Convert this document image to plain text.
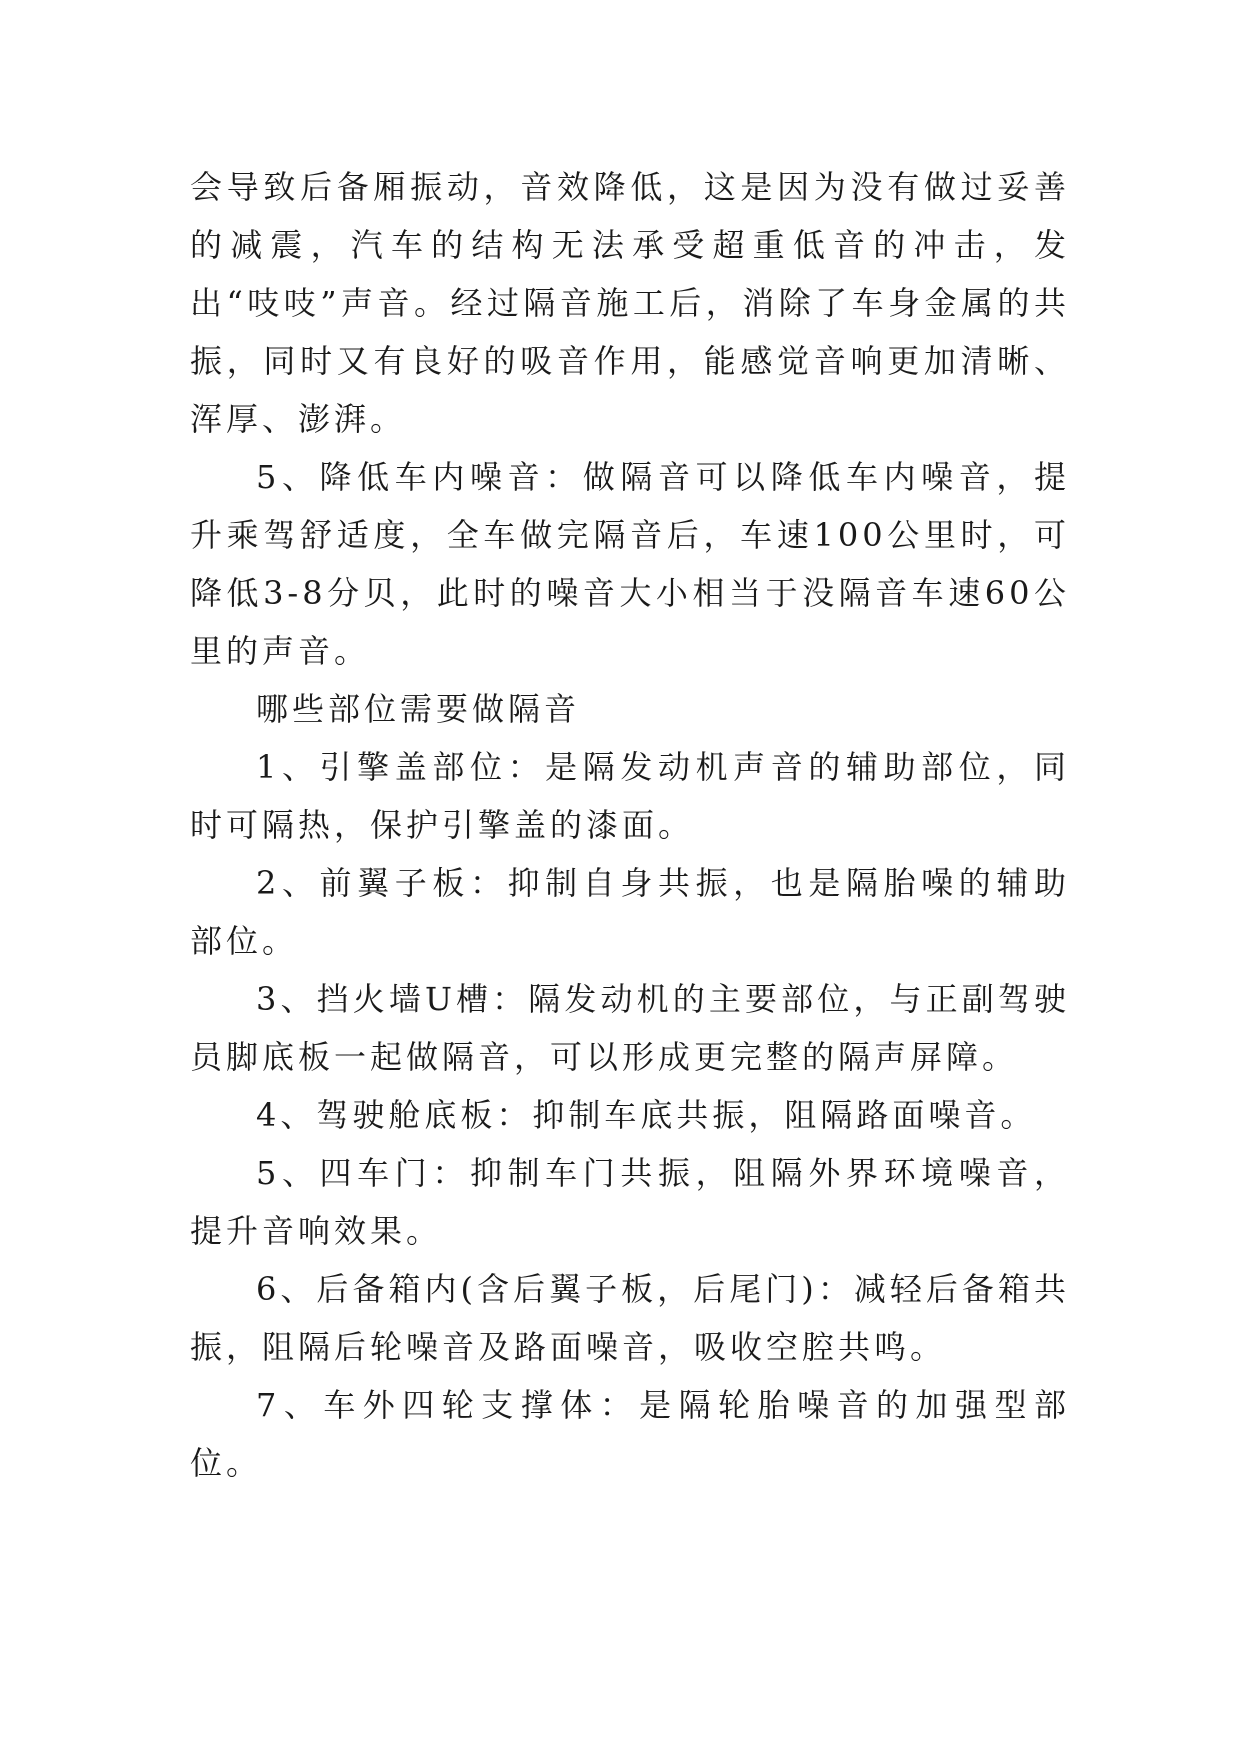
会导致后备厢振动，音效降低，这是因为没有做过妥善的减震，汽车的结构无法承受超重低音的冲击，发出“吱吱”声音。经过隔音施工后，消除了车身金属的共振，同时又有良好的吸音作用，能感觉音响更加清晰、浑厚、澎湃。

5、降低车内噪音：做隔音可以降低车内噪音，提升乘驾舒适度，全车做完隔音后，车速100公里时，可降低3-8分贝，此时的噪音大小相当于没隔音车速60公里的声音。

哪些部位需要做隔音

1、引擎盖部位：是隔发动机声音的辅助部位，同时可隔热，保护引擎盖的漆面。

2、前翼子板：抑制自身共振，也是隔胎噪的辅助部位。

3、挡火墙U槽：隔发动机的主要部位，与正副驾驶员脚底板一起做隔音，可以形成更完整的隔声屏障。

4、驾驶舱底板：抑制车底共振，阻隔路面噪音。

5、四车门：抑制车门共振，阻隔外界环境噪音，提升音响效果。

6、后备箱内(含后翼子板，后尾门)：减轻后备箱共振，阻隔后轮噪音及路面噪音，吸收空腔共鸣。

7、车外四轮支撑体：是隔轮胎噪音的加强型部位。
